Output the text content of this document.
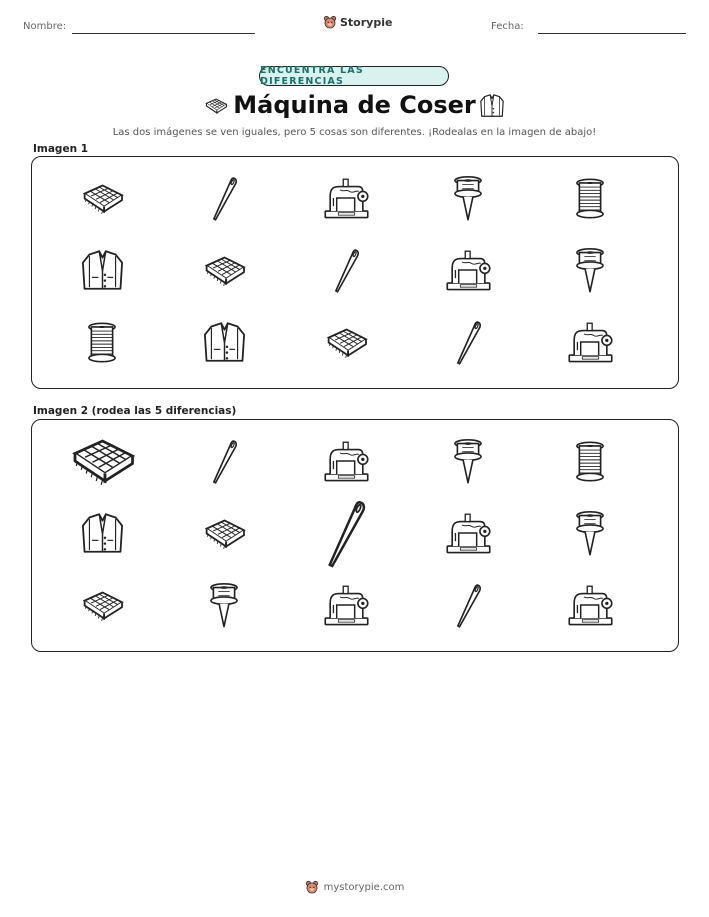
Nombre:	Storypie	Fecha:
ENCUENTRA LAS DIFERENCIAS
Máquina de Coser
Las dos imágenes se ven iguales, pero 5 cosas son diferentes. ¡Rodealas en la imagen de abajo!
Imagen 1
Imagen 2 (rodea las 5 diferencias)
mystorypie.com
